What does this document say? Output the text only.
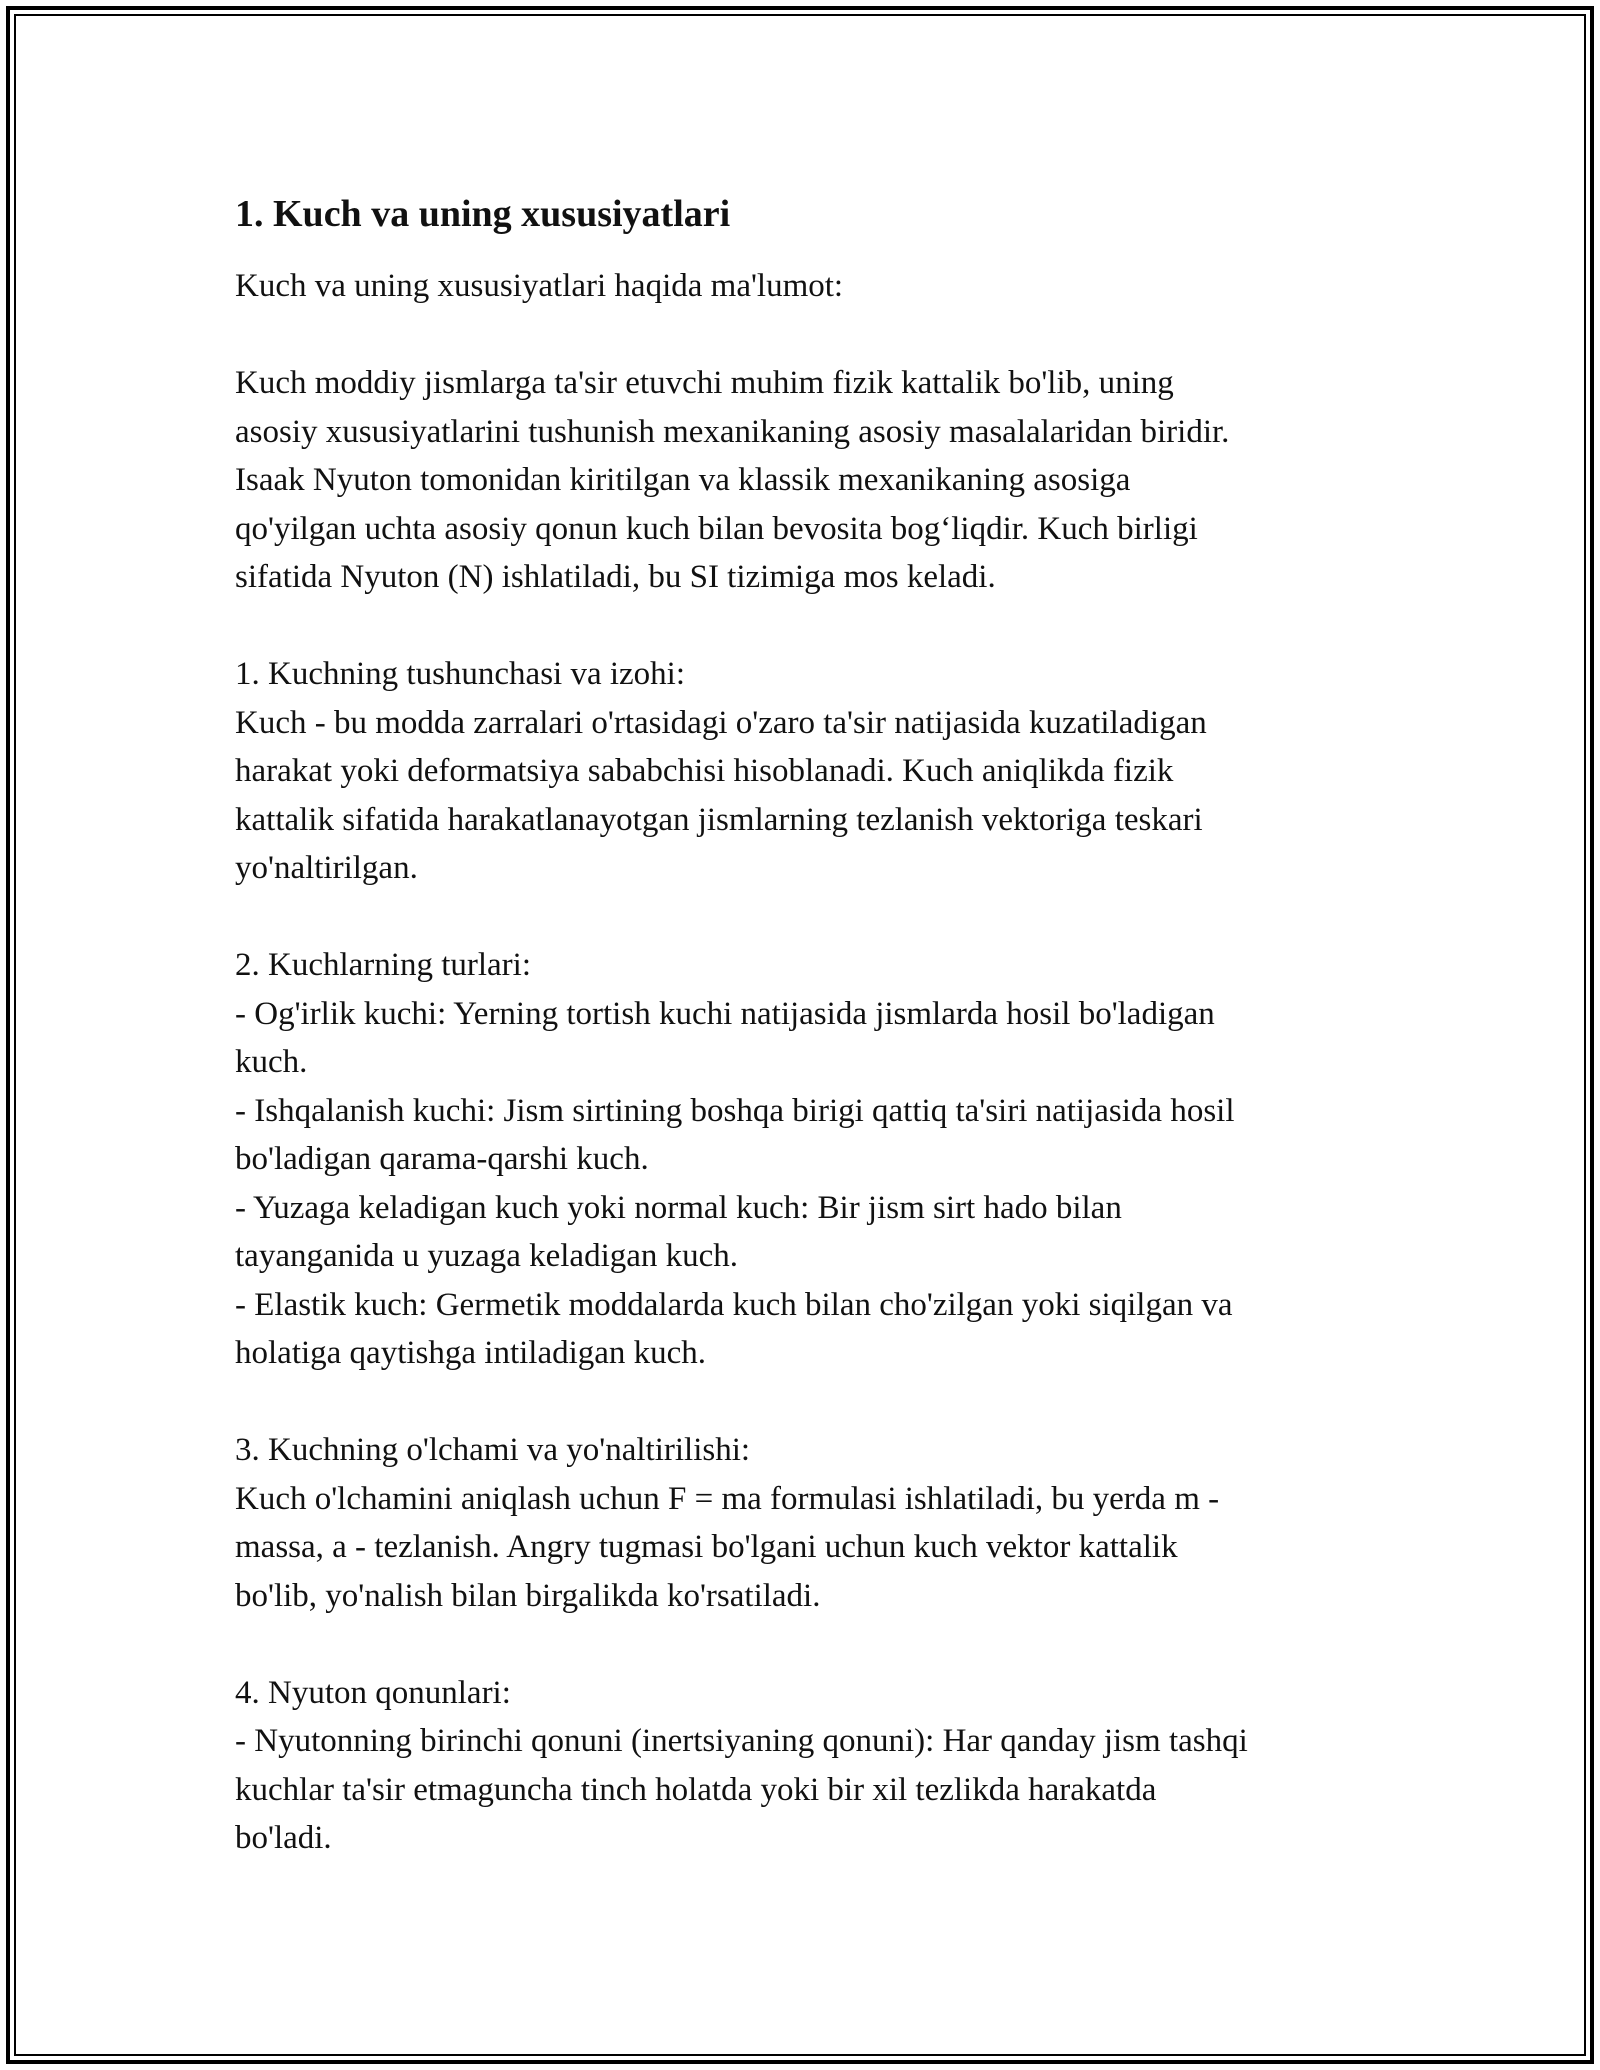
1. Kuch va uning xususiyatlari
Kuch va uning xususiyatlari haqida ma'lumot:
Kuch moddiy jismlarga ta'sir etuvchi muhim fizik kattalik bo'lib, uning
asosiy xususiyatlarini tushunish mexanikaning asosiy masalalaridan biridir.
Isaak Nyuton tomonidan kiritilgan va klassik mexanikaning asosiga
qo'yilgan uchta asosiy qonun kuch bilan bevosita bog‘liqdir. Kuch birligi
sifatida Nyuton (N) ishlatiladi, bu SI tizimiga mos keladi.
1. Kuchning tushunchasi va izohi:
Kuch - bu modda zarralari o'rtasidagi o'zaro ta'sir natijasida kuzatiladigan
harakat yoki deformatsiya sababchisi hisoblanadi. Kuch aniqlikda fizik
kattalik sifatida harakatlanayotgan jismlarning tezlanish vektoriga teskari
yo'naltirilgan.
2. Kuchlarning turlari:
- Og'irlik kuchi: Yerning tortish kuchi natijasida jismlarda hosil bo'ladigan
kuch.
- Ishqalanish kuchi: Jism sirtining boshqa birigi qattiq ta'siri natijasida hosil
bo'ladigan qarama-qarshi kuch.
- Yuzaga keladigan kuch yoki normal kuch: Bir jism sirt hado bilan
tayanganida u yuzaga keladigan kuch.
- Elastik kuch: Germetik moddalarda kuch bilan cho'zilgan yoki siqilgan va
holatiga qaytishga intiladigan kuch.
3. Kuchning o'lchami va yo'naltirilishi:
Kuch o'lchamini aniqlash uchun F = ma formulasi ishlatiladi, bu yerda m -
massa, a - tezlanish. Angry tugmasi bo'lgani uchun kuch vektor kattalik
bo'lib, yo'nalish bilan birgalikda ko'rsatiladi.
4. Nyuton qonunlari:
- Nyutonning birinchi qonuni (inertsiyaning qonuni): Har qanday jism tashqi
kuchlar ta'sir etmaguncha tinch holatda yoki bir xil tezlikda harakatda
bo'ladi.
